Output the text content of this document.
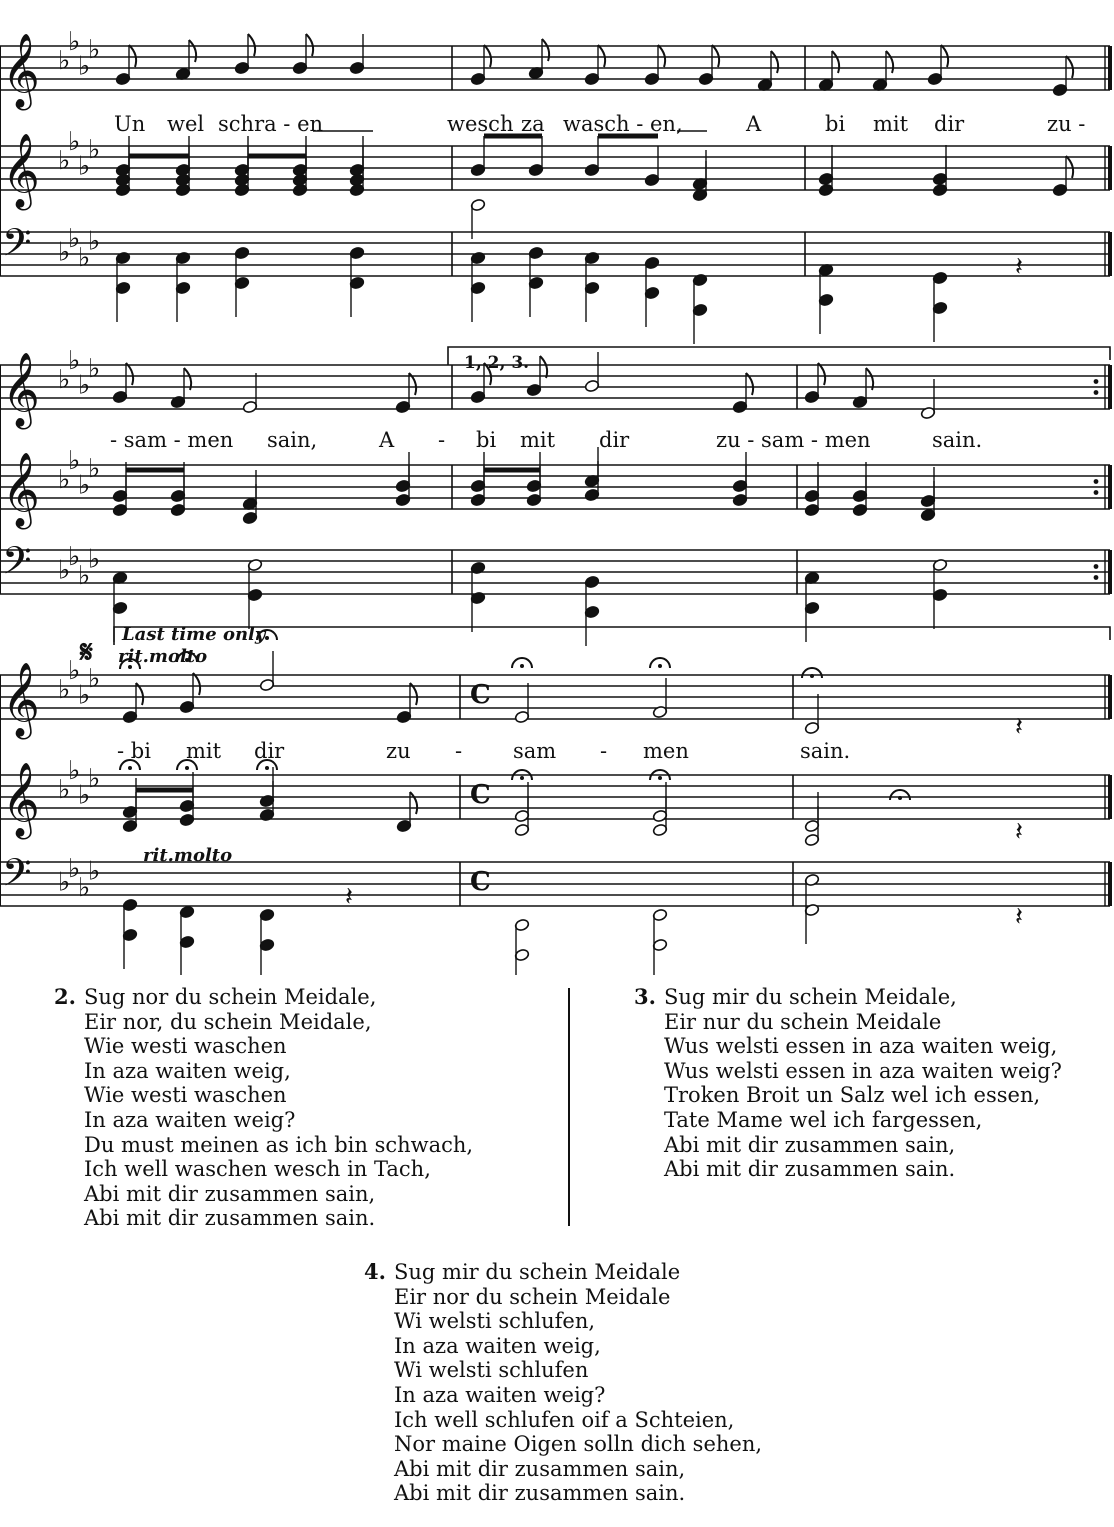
𝄞 ♭
♭
♭
♭
𝄞 ♭
♭
♭
♭
𝄢 ♭
♭
♭
♭
𝄞 ♭
♭
♭
♭
𝄞 ♭
♭
♭
♭
𝄢 ♭
♭
♭
♭
𝄞 ♭
♭
♭
♭
𝄞 ♭
♭
♭
♭
𝄢 ♭
♭
♭
♭
C
C
C
𝄽
𝄽
𝄽
𝄽
𝄽
Un wel schra - en	wesch za wasch - en,	A	bi mit dir	zu -
- sam - men sain,	A - bi mit dir	zu - sam - men	sain.
- bi mit dir	zu - sam - men	sain.
1, 2, 3.
Last time only
rit.molto
rit.molto
𝄋
2. Sug nor du schein Meidale,
Eir nor, du schein Meidale,
Wie westi waschen
In aza waiten weig,
Wie westi waschen
In aza waiten weig?
Du must meinen as ich bin schwach,
Ich well waschen wesch in Tach,
Abi mit dir zusammen sain,
Abi mit dir zusammen sain.
3. Sug mir du schein Meidale,
Eir nur du schein Meidale
Wus welsti essen in aza waiten weig,
Wus welsti essen in aza waiten weig?
Troken Broit un Salz wel ich essen,
Tate Mame wel ich fargessen,
Abi mit dir zusammen sain,
Abi mit dir zusammen sain.
4. Sug mir du schein Meidale
Eir nor du schein Meidale
Wi welsti schlufen,
In aza waiten weig,
Wi welsti schlufen
In aza waiten weig?
Ich well schlufen oif a Schteien,
Nor maine Oigen solln dich sehen,
Abi mit dir zusammen sain,
Abi mit dir zusammen sain.
